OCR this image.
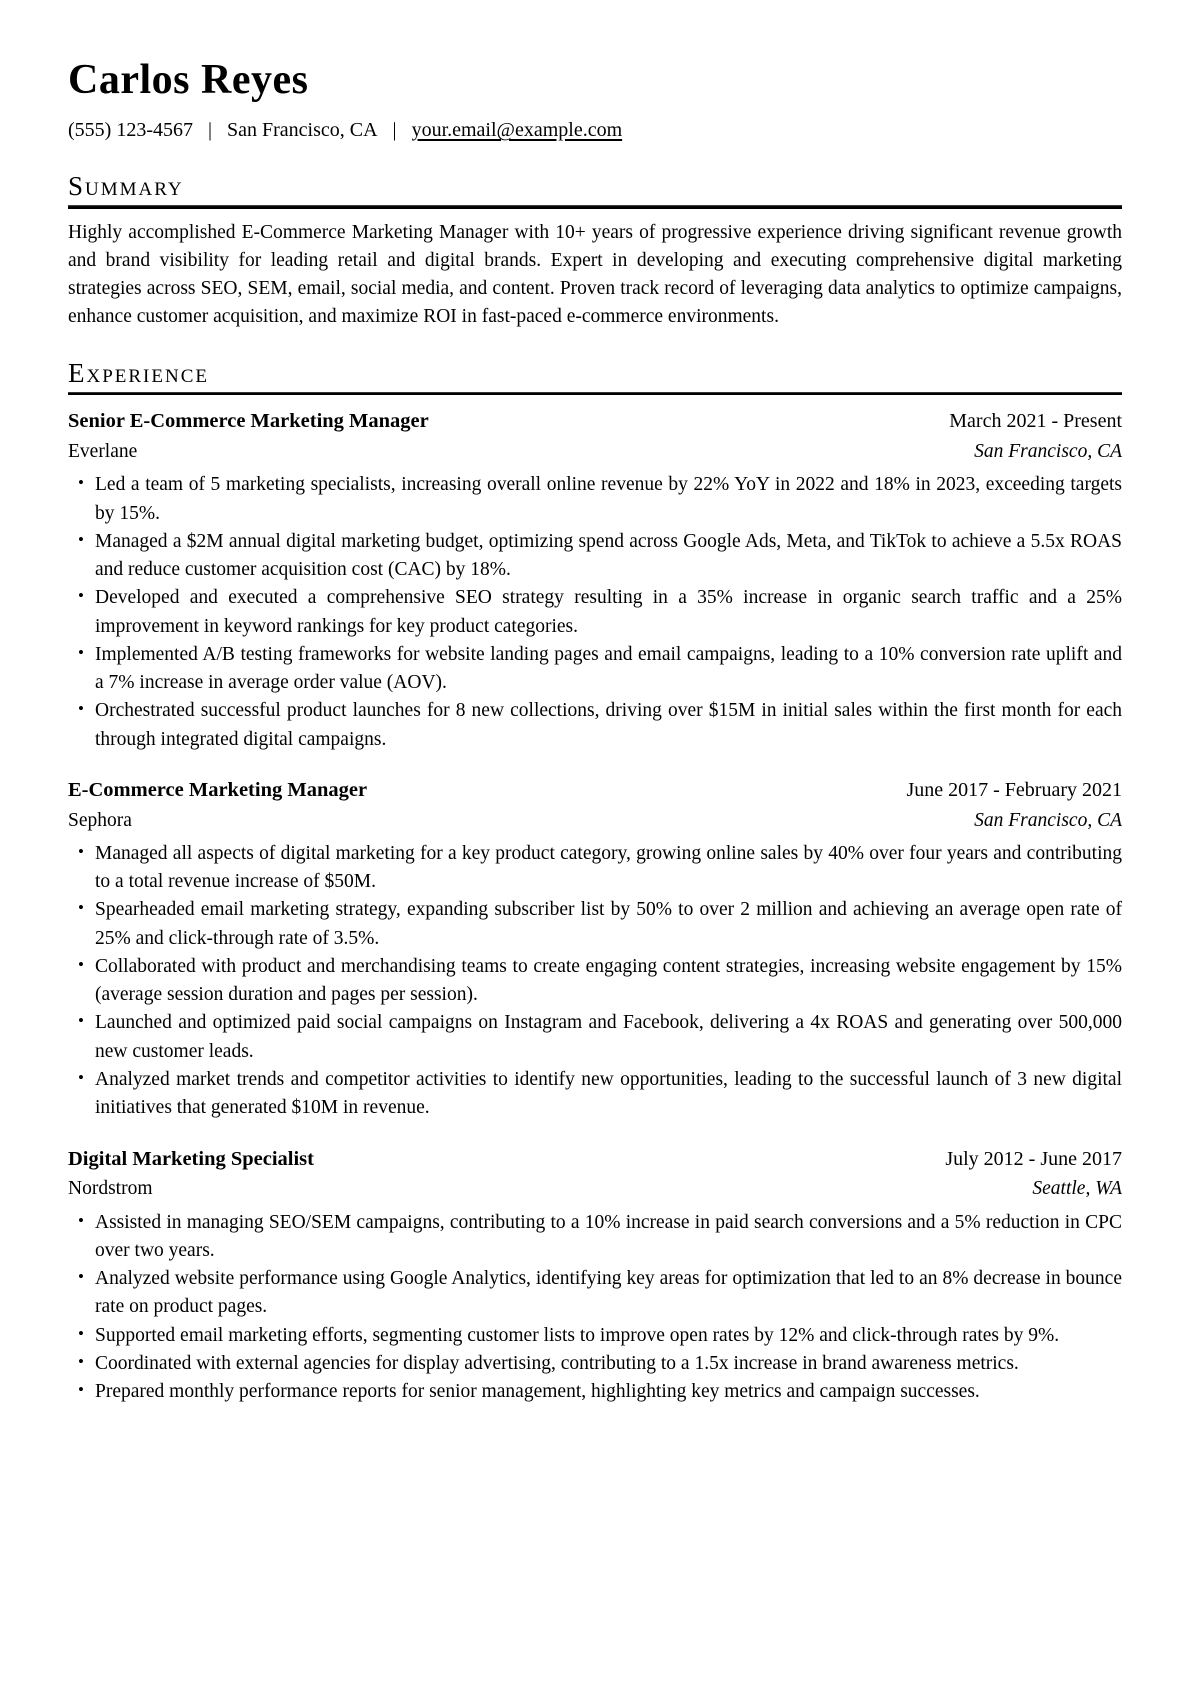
Carlos Reyes
(555) 123-4567 | San Francisco, CA | your.email@example.com
Summary

Highly accomplished E-Commerce Marketing Manager with 10+ years of progressive experience driving significant revenue growth and brand visibility for leading retail and digital brands. Expert in developing and executing comprehensive digital marketing strategies across SEO, SEM, email, social media, and content. Proven track record of leveraging data analytics to optimize campaigns, enhance customer acquisition, and maximize ROI in fast-paced e-commerce environments.

Experience
Senior E-Commerce Marketing Manager	March 2021 - Present
Everlane	San Francisco, CA
• Led a team of 5 marketing specialists, increasing overall online revenue by 22% YoY in 2022 and 18% in 2023, exceeding targets by 15%.
• Managed a $2M annual digital marketing budget, optimizing spend across Google Ads, Meta, and TikTok to achieve a 5.5x ROAS and reduce customer acquisition cost (CAC) by 18%.
• Developed and executed a comprehensive SEO strategy resulting in a 35% increase in organic search traffic and a 25% improvement in keyword rankings for key product categories.
• Implemented A/B testing frameworks for website landing pages and email campaigns, leading to a 10% conversion rate uplift and a 7% increase in average order value (AOV).
• Orchestrated successful product launches for 8 new collections, driving over $15M in initial sales within the first month for each through integrated digital campaigns.
E-Commerce Marketing Manager	June 2017 - February 2021
Sephora	San Francisco, CA
• Managed all aspects of digital marketing for a key product category, growing online sales by 40% over four years and contributing to a total revenue increase of $50M.
• Spearheaded email marketing strategy, expanding subscriber list by 50% to over 2 million and achieving an average open rate of 25% and click-through rate of 3.5%.
• Collaborated with product and merchandising teams to create engaging content strategies, increasing website engagement by 15% (average session duration and pages per session).
• Launched and optimized paid social campaigns on Instagram and Facebook, delivering a 4x ROAS and generating over 500,000 new customer leads.
• Analyzed market trends and competitor activities to identify new opportunities, leading to the successful launch of 3 new digital initiatives that generated $10M in revenue.
Digital Marketing Specialist	July 2012 - June 2017
Nordstrom	Seattle, WA
• Assisted in managing SEO/SEM campaigns, contributing to a 10% increase in paid search conversions and a 5% reduction in CPC over two years.
• Analyzed website performance using Google Analytics, identifying key areas for optimization that led to an 8% decrease in bounce rate on product pages.
• Supported email marketing efforts, segmenting customer lists to improve open rates by 12% and click-through rates by 9%.
• Coordinated with external agencies for display advertising, contributing to a 1.5x increase in brand awareness metrics.
• Prepared monthly performance reports for senior management, highlighting key metrics and campaign successes.
